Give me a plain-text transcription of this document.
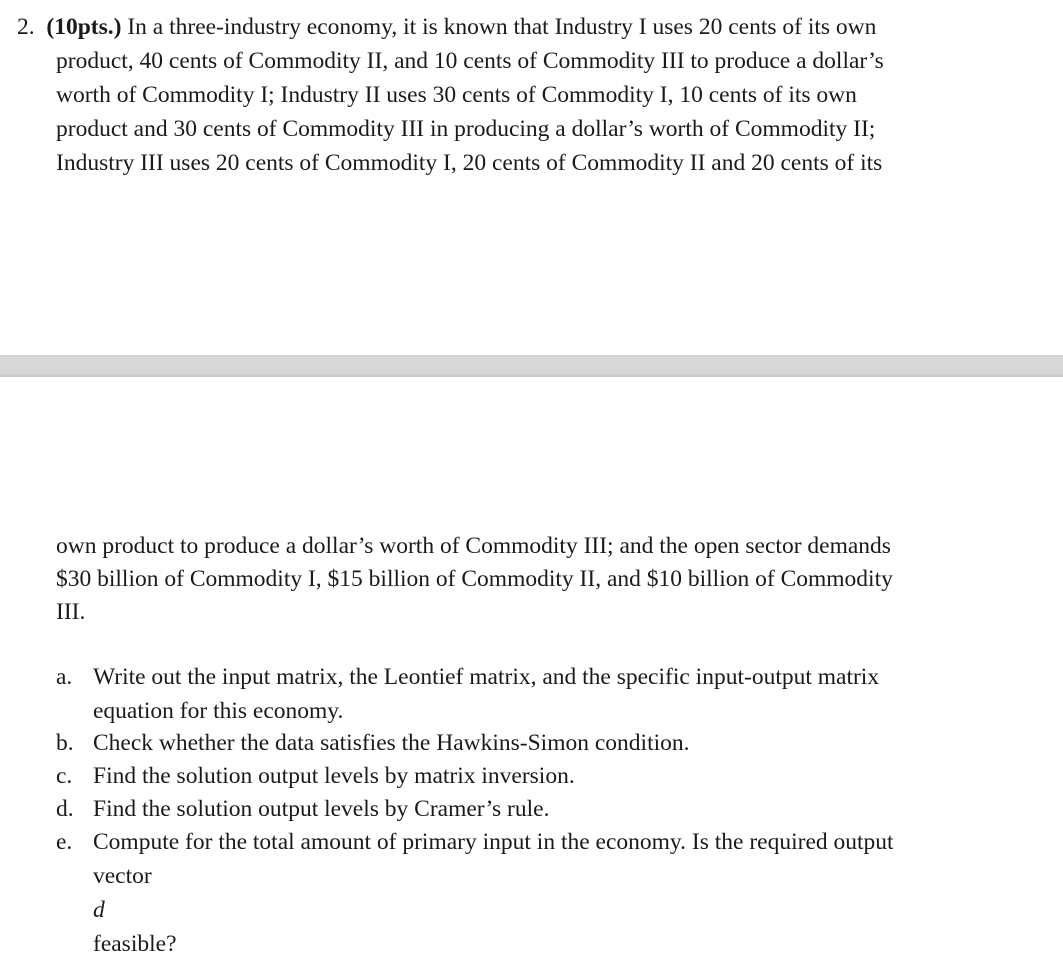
2. (10pts.) In a three-industry economy, it is known that Industry I uses 20 cents of its own
product, 40 cents of Commodity II, and 10 cents of Commodity III to produce a dollar’s
worth of Commodity I; Industry II uses 30 cents of Commodity I, 10 cents of its own
product and 30 cents of Commodity III in producing a dollar’s worth of Commodity II;
Industry III uses 20 cents of Commodity I, 20 cents of Commodity II and 20 cents of its
own product to produce a dollar’s worth of Commodity III; and the open sector demands
$30 billion of Commodity I, $15 billion of Commodity II, and $10 billion of Commodity
III.
a. Write out the input matrix, the Leontief matrix, and the specific input-output matrix
equation for this economy.
b. Check whether the data satisfies the Hawkins-Simon condition.
c. Find the solution output levels by matrix inversion.
d. Find the solution output levels by Cramer’s rule.
e. Compute for the total amount of primary input in the economy. Is the required output
vector
d
feasible?
